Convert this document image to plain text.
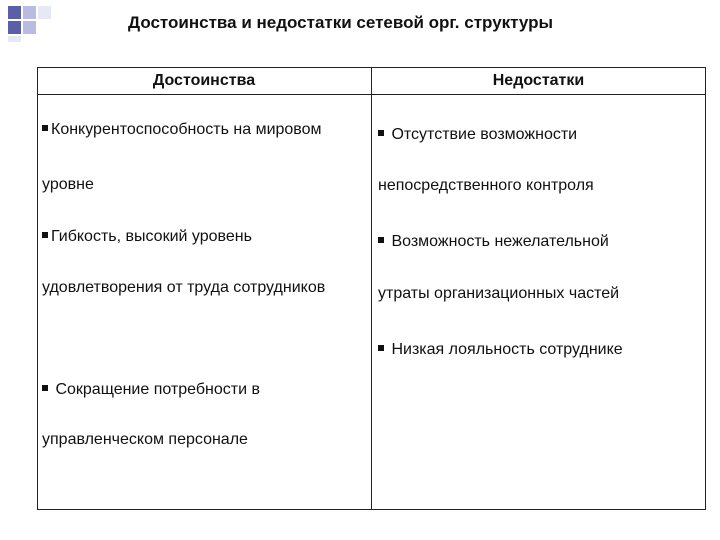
Достоинства и недостатки сетевой орг. структуры
Достоинства	Недостатки
Конкурентоспособность на мировом
уровне
Гибкость, высокий уровень
удовлетворения от труда сотрудников
Сокращение потребности в
управленческом персонале
Отсутствие возможности
непосредственного контроля
Возможность нежелательной
утраты организационных частей
Низкая лояльность сотруднике
